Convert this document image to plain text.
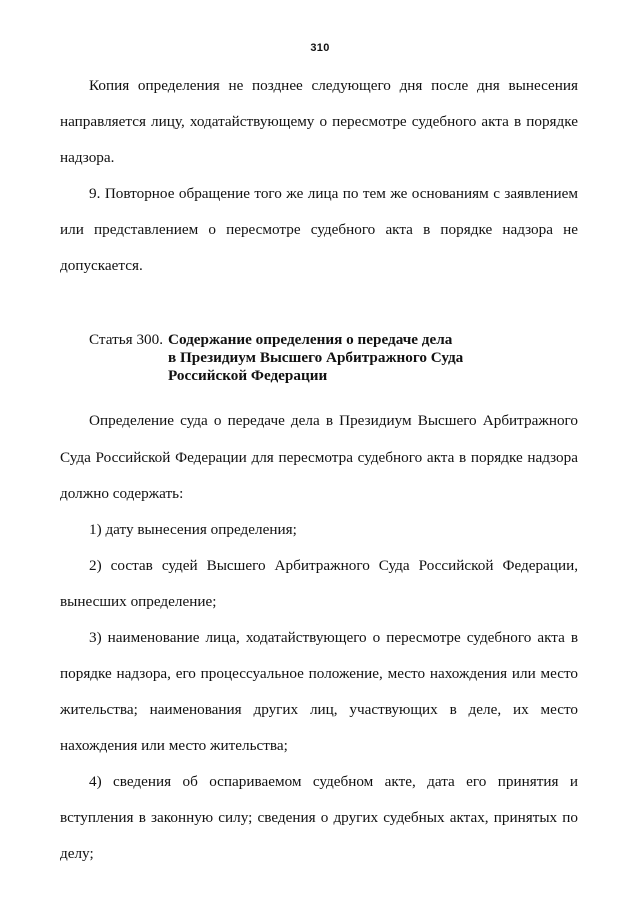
310
Копия определения не позднее следующего дня после дня вынесения
направляется лицу, ходатайствующему о пересмотре судебного акта в порядке
надзора.
9. Повторное обращение того же лица по тем же основаниям с заявлением
или представлением о пересмотре судебного акта в порядке надзора не
допускается.
Статья 300. Содержание определения о передаче дела
в Президиум Высшего Арбитражного Суда
Российской Федерации
Определение суда о передаче дела в Президиум Высшего Арбитражного
Суда Российской Федерации для пересмотра судебного акта в порядке надзора
должно содержать:
1) дату вынесения определения;
2) состав судей Высшего Арбитражного Суда Российской Федерации,
вынесших определение;
3) наименование лица, ходатайствующего о пересмотре судебного акта в
порядке надзора, его процессуальное положение, место нахождения или место
жительства; наименования других лиц, участвующих в деле, их место
нахождения или место жительства;
4) сведения об оспариваемом судебном акте, дата его принятия и
вступления в законную силу; сведения о других судебных актах, принятых по
делу;
